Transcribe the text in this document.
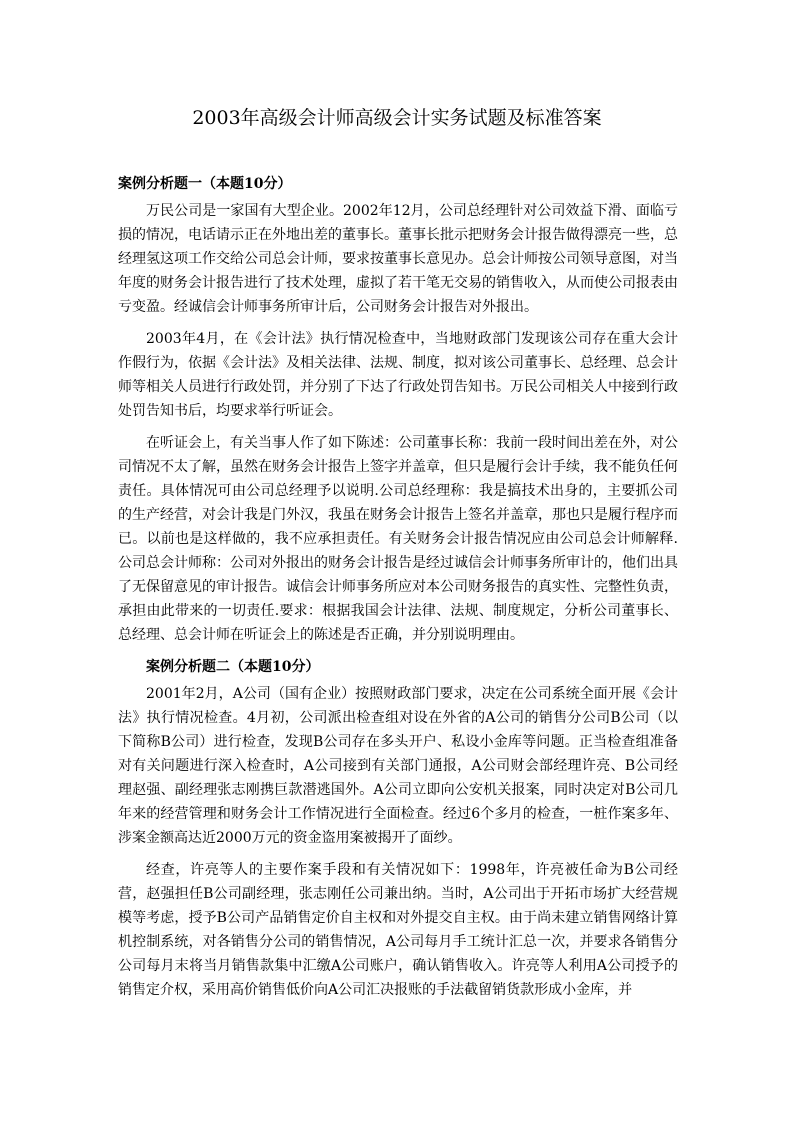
2003年高级会计师高级会计实务试题及标准答案

案例分析题一（本题10分）

万民公司是一家国有大型企业。2002年12月，公司总经理针对公司效益下滑、面临亏损的情况，电话请示正在外地出差的董事长。董事长批示把财务会计报告做得漂亮一些，总经理氢这项工作交给公司总会计师，要求按董事长意见办。总会计师按公司领导意图，对当年度的财务会计报告进行了技术处理，虚拟了若干笔无交易的销售收入，从而使公司报表由亏变盈。经诚信会计师事务所审计后，公司财务会计报告对外报出。

2003年4月，在《会计法》执行情况检查中，当地财政部门发现该公司存在重大会计作假行为，依据《会计法》及相关法律、法规、制度，拟对该公司董事长、总经理、总会计师等相关人员进行行政处罚，并分别了下达了行政处罚告知书。万民公司相关人中接到行政处罚告知书后，均要求举行听证会。

在听证会上，有关当事人作了如下陈述：公司董事长称：我前一段时间出差在外，对公司情况不太了解，虽然在财务会计报告上签字并盖章，但只是履行会计手续，我不能负任何责任。具体情况可由公司总经理予以说明.公司总经理称：我是搞技术出身的，主要抓公司的生产经营，对会计我是门外汉，我虽在财务会计报告上签名并盖章，那也只是履行程序而已。以前也是这样做的，我不应承担责任。有关财务会计报告情况应由公司总会计师解释.公司总会计师称：公司对外报出的财务会计报告是经过诚信会计师事务所审计的，他们出具了无保留意见的审计报告。诚信会计师事务所应对本公司财务报告的真实性、完整性负责，承担由此带来的一切责任.要求：根据我国会计法律、法规、制度规定，分析公司董事长、总经理、总会计师在听证会上的陈述是否正确，并分别说明理由。

案例分析题二（本题10分）

2001年2月，A公司（国有企业）按照财政部门要求，决定在公司系统全面开展《会计法》执行情况检查。4月初，公司派出检查组对设在外省的A公司的销售分公司B公司（以下简称B公司）进行检查，发现B公司存在多头开户、私设小金库等问题。正当检查组准备对有关问题进行深入检查时，A公司接到有关部门通报，A公司财会部经理许亮、B公司经理赵强、副经理张志刚携巨款潜逃国外。A公司立即向公安机关报案，同时决定对B公司几年来的经营管理和财务会计工作情况进行全面检查。经过6个多月的检查，一桩作案多年、涉案金额高达近2000万元的资金盗用案被揭开了面纱。

经查，许亮等人的主要作案手段和有关情况如下：1998年，许亮被任命为B公司经营，赵强担任B公司副经理，张志刚任公司兼出纳。当时，A公司出于开拓市场扩大经营规模等考虑，授予B公司产品销售定价自主权和对外提交自主权。由于尚未建立销售网络计算机控制系统，对各销售分公司的销售情况，A公司每月手工统计汇总一次，并要求各销售分公司每月末将当月销售款集中汇缴A公司账户，确认销售收入。许亮等人利用A公司授予的销售定介权，采用高价销售低价向A公司汇决报账的手法截留销货款形成小金库，并
